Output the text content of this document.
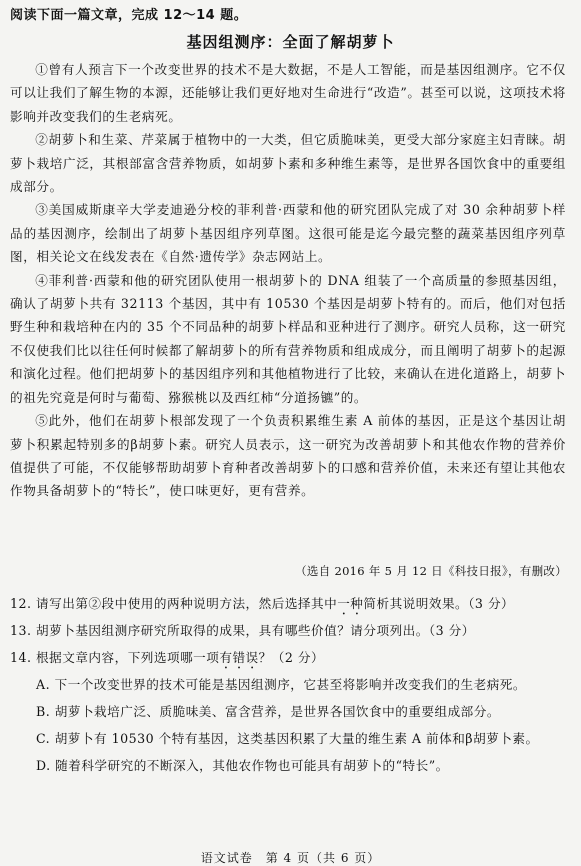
阅读下面一篇文章，完成 12～14 题。
基因组测序：全面了解胡萝卜

①曾有人预言下一个改变世界的技术不是大数据，不是人工智能，而是基因组测序。它不仅可以让我们了解生物的本源，还能够让我们更好地对生命进行“改造”。甚至可以说，这项技术将影响并改变我们的生老病死。

②胡萝卜和生菜、芹菜属于植物中的一大类，但它质脆味美，更受大部分家庭主妇青睐。胡萝卜栽培广泛，其根部富含营养物质，如胡萝卜素和多种维生素等，是世界各国饮食中的重要组成部分。

③美国威斯康辛大学麦迪逊分校的菲利普·西蒙和他的研究团队完成了对 30 余种胡萝卜样品的基因测序，绘制出了胡萝卜基因组序列草图。这很可能是迄今最完整的蔬菜基因组序列草图，相关论文在线发表在《自然·遗传学》杂志网站上。

④菲利普·西蒙和他的研究团队使用一根胡萝卜的 DNA 组装了一个高质量的参照基因组，确认了胡萝卜共有 32113 个基因，其中有 10530 个基因是胡萝卜特有的。而后，他们对包括野生种和栽培种在内的 35 个不同品种的胡萝卜样品和亚种进行了测序。研究人员称，这一研究不仅使我们比以往任何时候都了解胡萝卜的所有营养物质和组成成分，而且阐明了胡萝卜的起源和演化过程。他们把胡萝卜的基因组序列和其他植物进行了比较，来确认在进化道路上，胡萝卜的祖先究竟是何时与葡萄、猕猴桃以及西红柿“分道扬镳”的。

⑤此外，他们在胡萝卜根部发现了一个负责积累维生素 A 前体的基因，正是这个基因让胡萝卜积累起特别多的β胡萝卜素。研究人员表示，这一研究为改善胡萝卜和其他农作物的营养价值提供了可能，不仅能够帮助胡萝卜育种者改善胡萝卜的口感和营养价值，未来还有望让其他农作物具备胡萝卜的“特长”，使口味更好，更有营养。

（选自 2016 年 5 月 12 日《科技日报》，有删改）
12. 请写出第②段中使用的两种说明方法，然后选择其中一种简析其说明效果。（3 分）
13. 胡萝卜基因组测序研究所取得的成果，具有哪些价值？请分项列出。（3 分）
14. 根据文章内容，下列选项哪一项有错误？（2 分）
A. 下一个改变世界的技术可能是基因组测序，它甚至将影响并改变我们的生老病死。
B. 胡萝卜栽培广泛、质脆味美、富含营养，是世界各国饮食中的重要组成部分。
C. 胡萝卜有 10530 个特有基因，这类基因积累了大量的维生素 A 前体和β胡萝卜素。
D. 随着科学研究的不断深入，其他农作物也可能具有胡萝卜的“特长”。
语文试卷　第 4 页（共 6 页）
